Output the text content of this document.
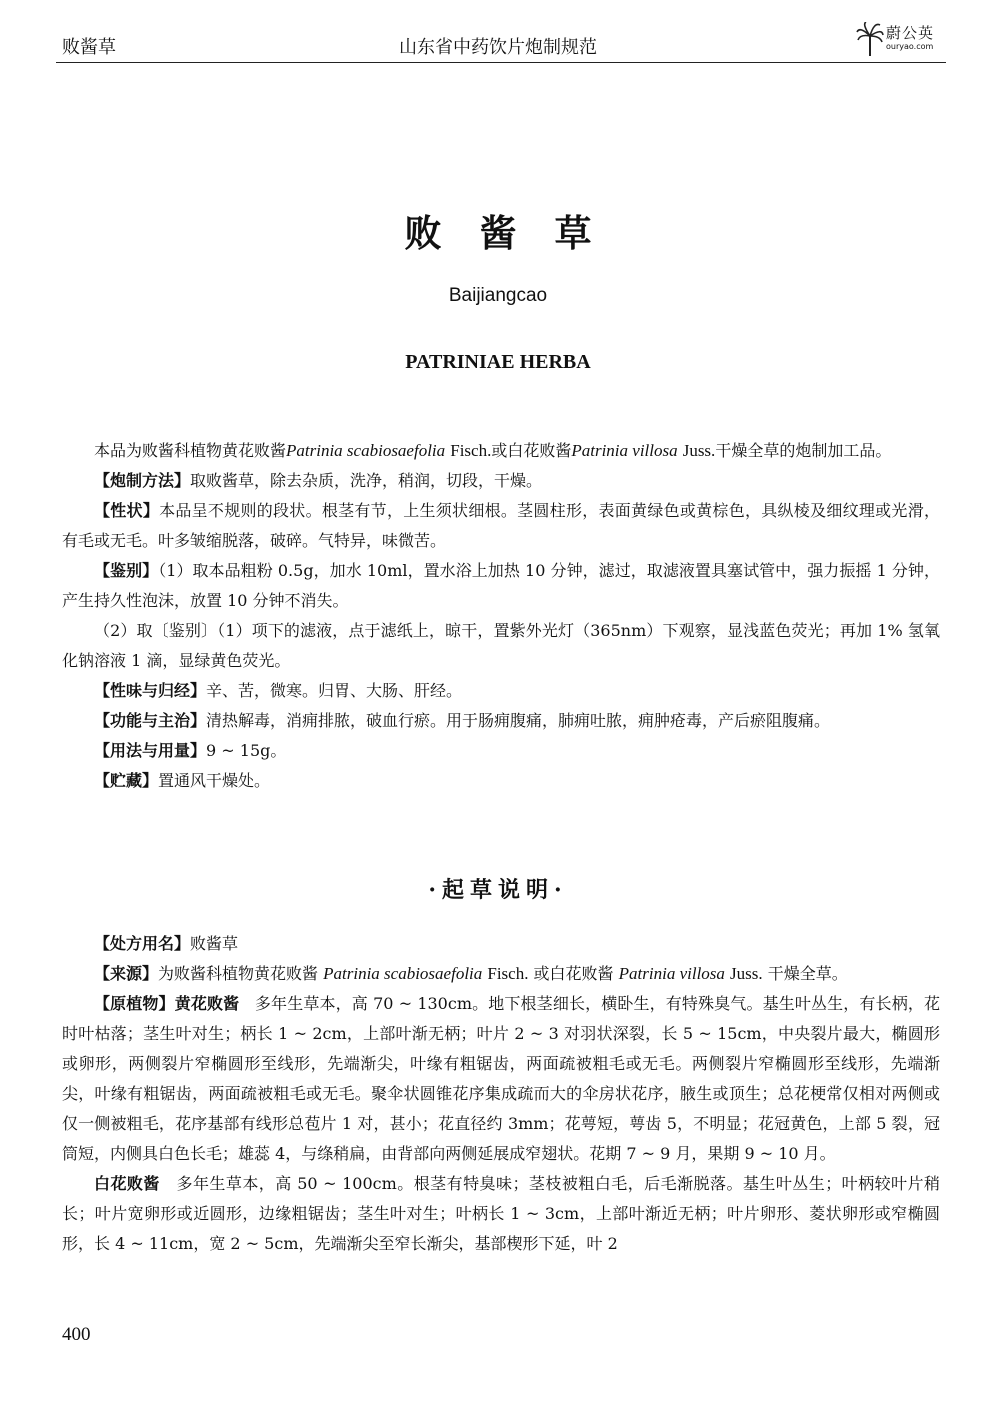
败酱草	山东省中药饮片炮制规范
蔚公英
ouryao.com
败酱草
Baijiangcao
PATRINIAE HERBA

本品为败酱科植物黄花败酱Patrinia scabiosaefolia Fisch.或白花败酱Patrinia villosa Juss.干燥全草的炮制加工品。

【炮制方法】取败酱草，除去杂质，洗净，稍润，切段，干燥。

【性状】本品呈不规则的段状。根茎有节，上生须状细根。茎圆柱形，表面黄绿色或黄棕色，具纵棱及细纹理或光滑，有毛或无毛。叶多皱缩脱落，破碎。气特异，味微苦。

【鉴别】（1）取本品粗粉 0.5g，加水 10ml，置水浴上加热 10 分钟，滤过，取滤液置具塞试管中，强力振摇 1 分钟，产生持久性泡沫，放置 10 分钟不消失。

（2）取〔鉴别〕（1）项下的滤液，点于滤纸上，晾干，置紫外光灯（365nm）下观察，显浅蓝色荧光；再加 1% 氢氧化钠溶液 1 滴，显绿黄色荧光。

【性味与归经】辛、苦，微寒。归胃、大肠、肝经。

【功能与主治】清热解毒，消痈排脓，破血行瘀。用于肠痈腹痛，肺痈吐脓，痈肿疮毒，产后瘀阻腹痛。

【用法与用量】9 ~ 15g。

【贮藏】置通风干燥处。

·起草说明·

【处方用名】败酱草

【来源】为败酱科植物黄花败酱 Patrinia scabiosaefolia Fisch. 或白花败酱 Patrinia villosa Juss. 干燥全草。

【原植物】黄花败酱 多年生草本，高 70 ~ 130cm。地下根茎细长，横卧生，有特殊臭气。基生叶丛生，有长柄，花时叶枯落；茎生叶对生；柄长 1 ~ 2cm，上部叶渐无柄；叶片 2 ~ 3 对羽状深裂，长 5 ~ 15cm，中央裂片最大，椭圆形或卵形，两侧裂片窄椭圆形至线形，先端渐尖，叶缘有粗锯齿，两面疏被粗毛或无毛。两侧裂片窄椭圆形至线形，先端渐尖，叶缘有粗锯齿，两面疏被粗毛或无毛。聚伞状圆锥花序集成疏而大的伞房状花序，腋生或顶生；总花梗常仅相对两侧或仅一侧被粗毛，花序基部有线形总苞片 1 对，甚小；花直径约 3mm；花萼短，萼齿 5，不明显；花冠黄色，上部 5 裂，冠筒短，内侧具白色长毛；雄蕊 4，与绦稍扁，由背部向两侧延展成窄翅状。花期 7 ~ 9 月，果期 9 ~ 10 月。

白花败酱 多年生草本，高 50 ~ 100cm。根茎有特臭味；茎枝被粗白毛，后毛渐脱落。基生叶丛生；叶柄较叶片稍长；叶片宽卵形或近圆形，边缘粗锯齿；茎生叶对生；叶柄长 1 ~ 3cm，上部叶渐近无柄；叶片卵形、菱状卵形或窄椭圆形，长 4 ~ 11cm，宽 2 ~ 5cm，先端渐尖至窄长渐尖，基部楔形下延，叶 2

400
